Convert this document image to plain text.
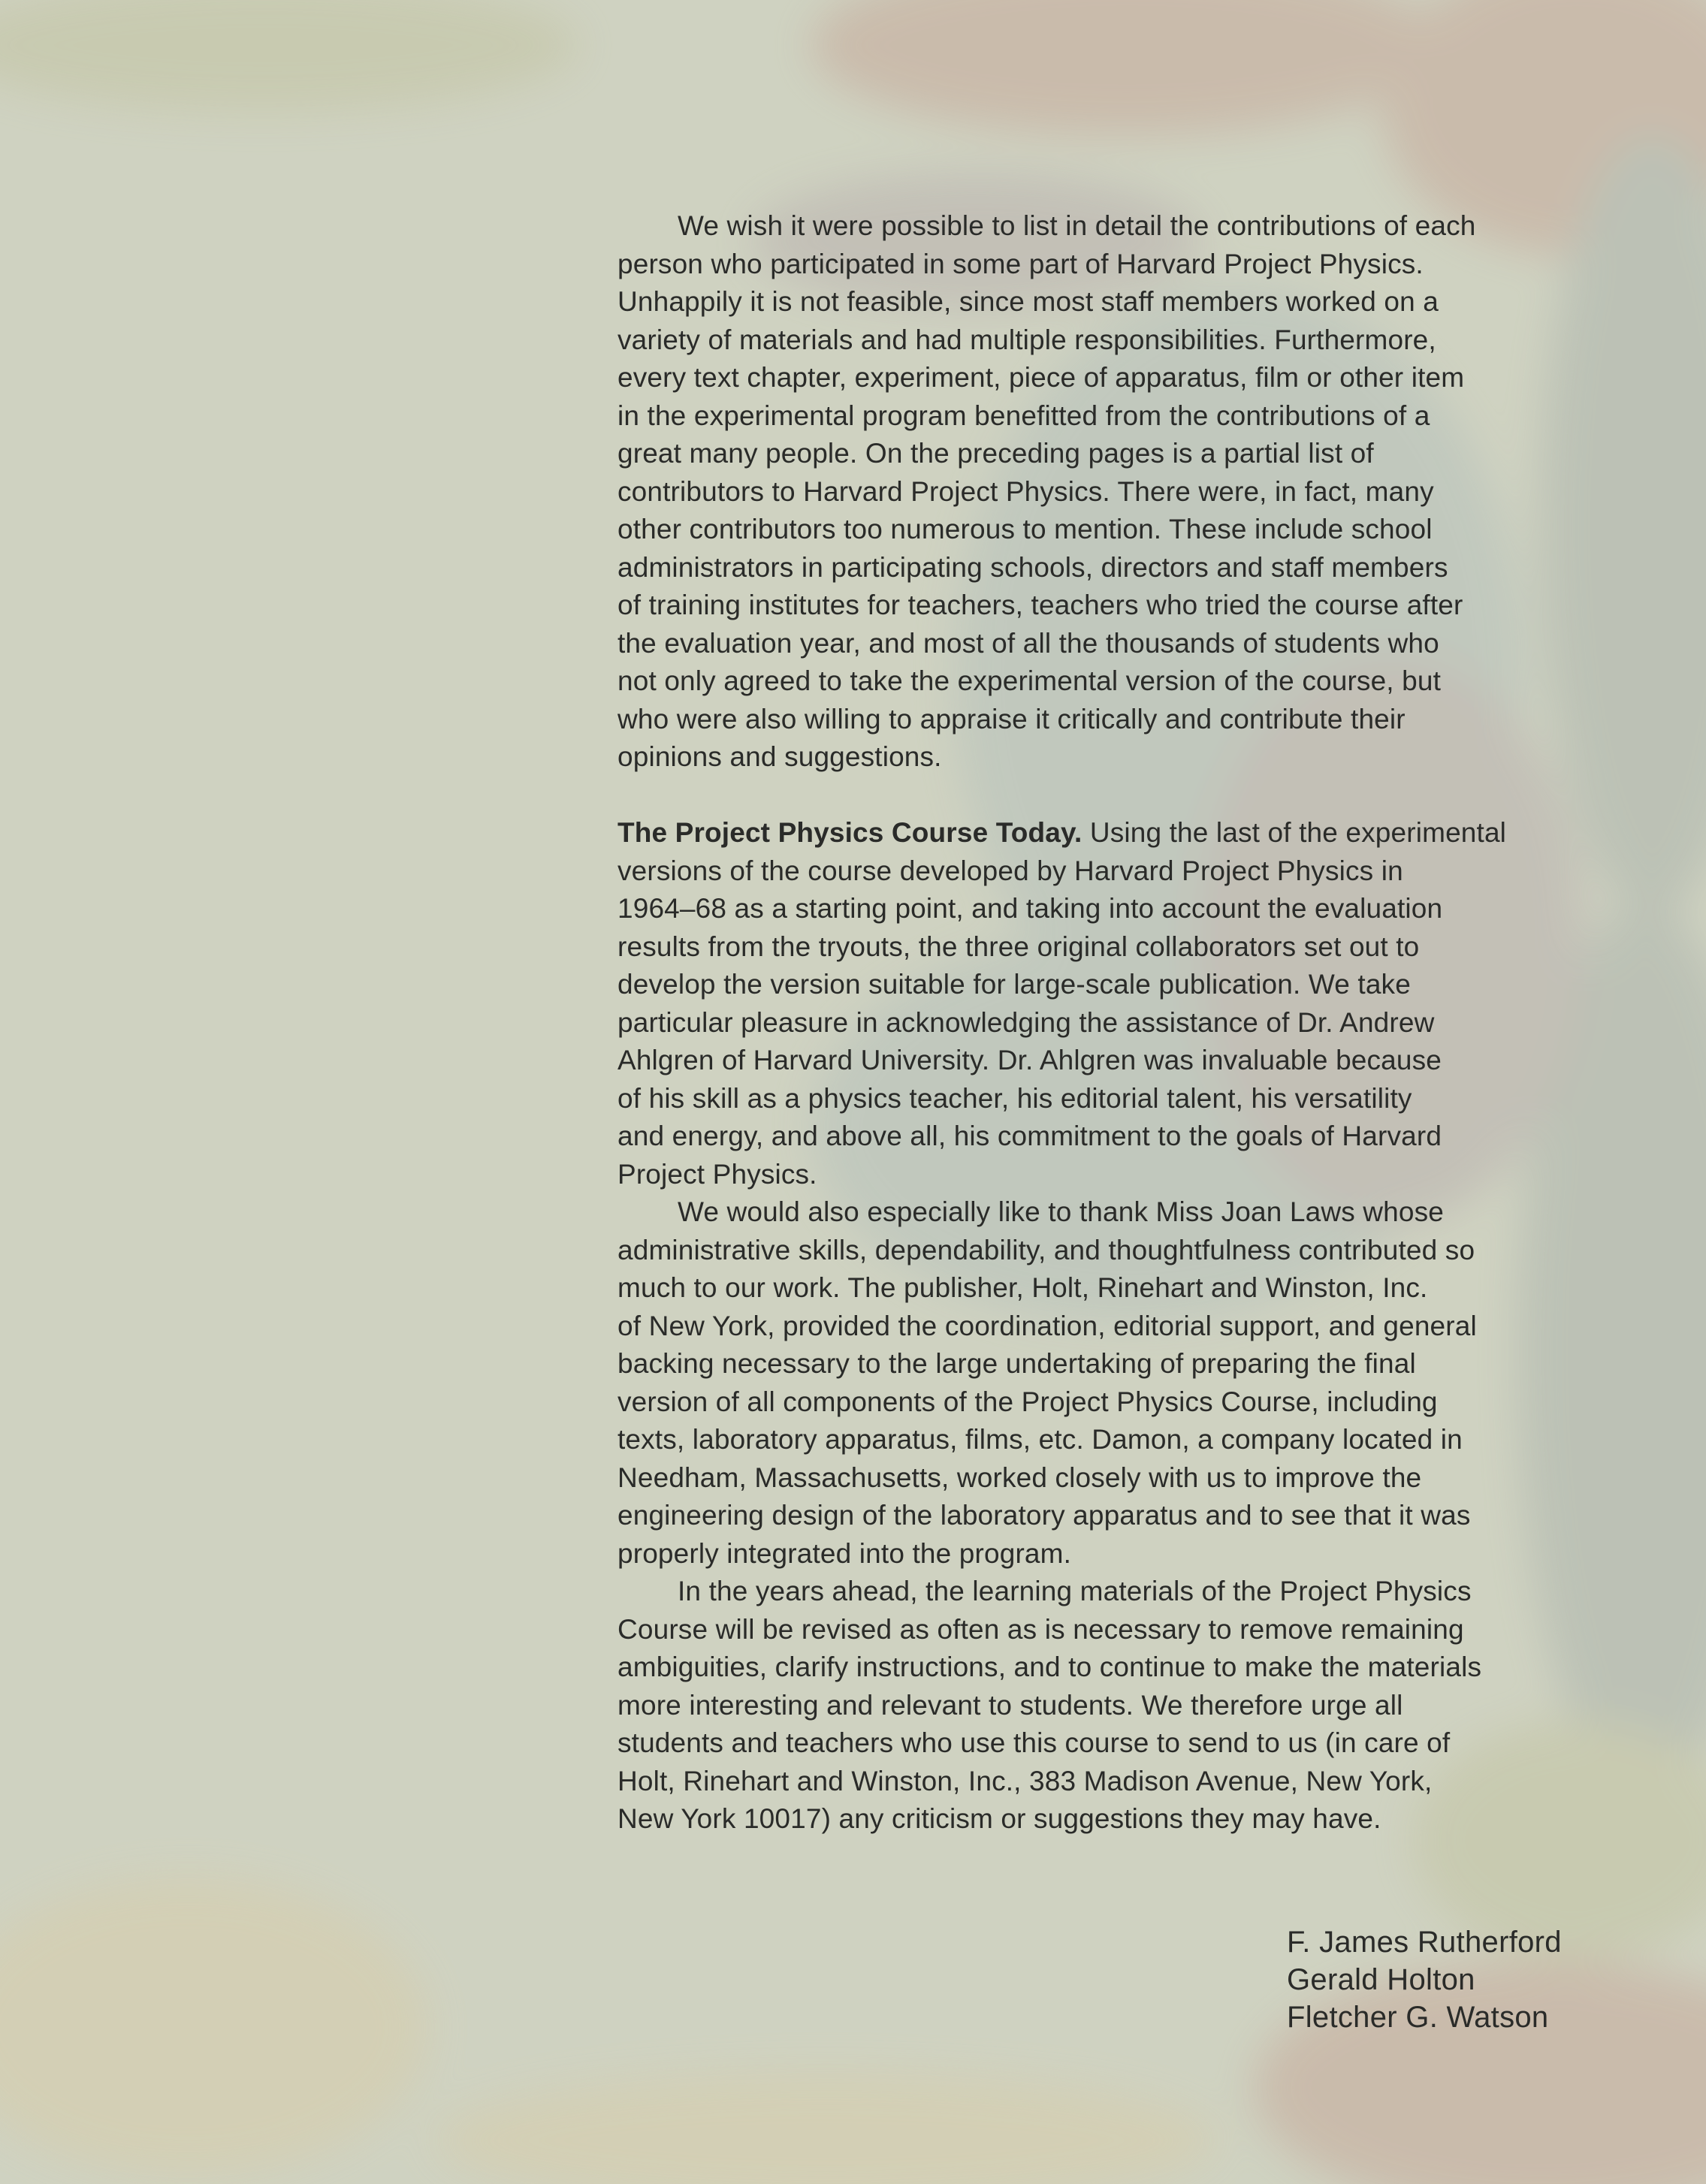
We wish it were possible to list in detail the contributions of each
person who participated in some part of Harvard Project Physics.
Unhappily it is not feasible, since most staff members worked on a
variety of materials and had multiple responsibilities. Furthermore,
every text chapter, experiment, piece of apparatus, film or other item
in the experimental program benefitted from the contributions of a
great many people. On the preceding pages is a partial list of
contributors to Harvard Project Physics. There were, in fact, many
other contributors too numerous to mention. These include school
administrators in participating schools, directors and staff members
of training institutes for teachers, teachers who tried the course after
the evaluation year, and most of all the thousands of students who
not only agreed to take the experimental version of the course, but
who were also willing to appraise it critically and contribute their
opinions and suggestions.

The Project Physics Course Today. Using the last of the experimental
versions of the course developed by Harvard Project Physics in
1964–68 as a starting point, and taking into account the evaluation
results from the tryouts, the three original collaborators set out to
develop the version suitable for large-scale publication. We take
particular pleasure in acknowledging the assistance of Dr. Andrew
Ahlgren of Harvard University. Dr. Ahlgren was invaluable because
of his skill as a physics teacher, his editorial talent, his versatility
and energy, and above all, his commitment to the goals of Harvard
Project Physics.

We would also especially like to thank Miss Joan Laws whose
administrative skills, dependability, and thoughtfulness contributed so
much to our work. The publisher, Holt, Rinehart and Winston, Inc.
of New York, provided the coordination, editorial support, and general
backing necessary to the large undertaking of preparing the final
version of all components of the Project Physics Course, including
texts, laboratory apparatus, films, etc. Damon, a company located in
Needham, Massachusetts, worked closely with us to improve the
engineering design of the laboratory apparatus and to see that it was
properly integrated into the program.

In the years ahead, the learning materials of the Project Physics
Course will be revised as often as is necessary to remove remaining
ambiguities, clarify instructions, and to continue to make the materials
more interesting and relevant to students. We therefore urge all
students and teachers who use this course to send to us (in care of
Holt, Rinehart and Winston, Inc., 383 Madison Avenue, New York,
New York 10017) any criticism or suggestions they may have.

F. James Rutherford
Gerald Holton
Fletcher G. Watson
